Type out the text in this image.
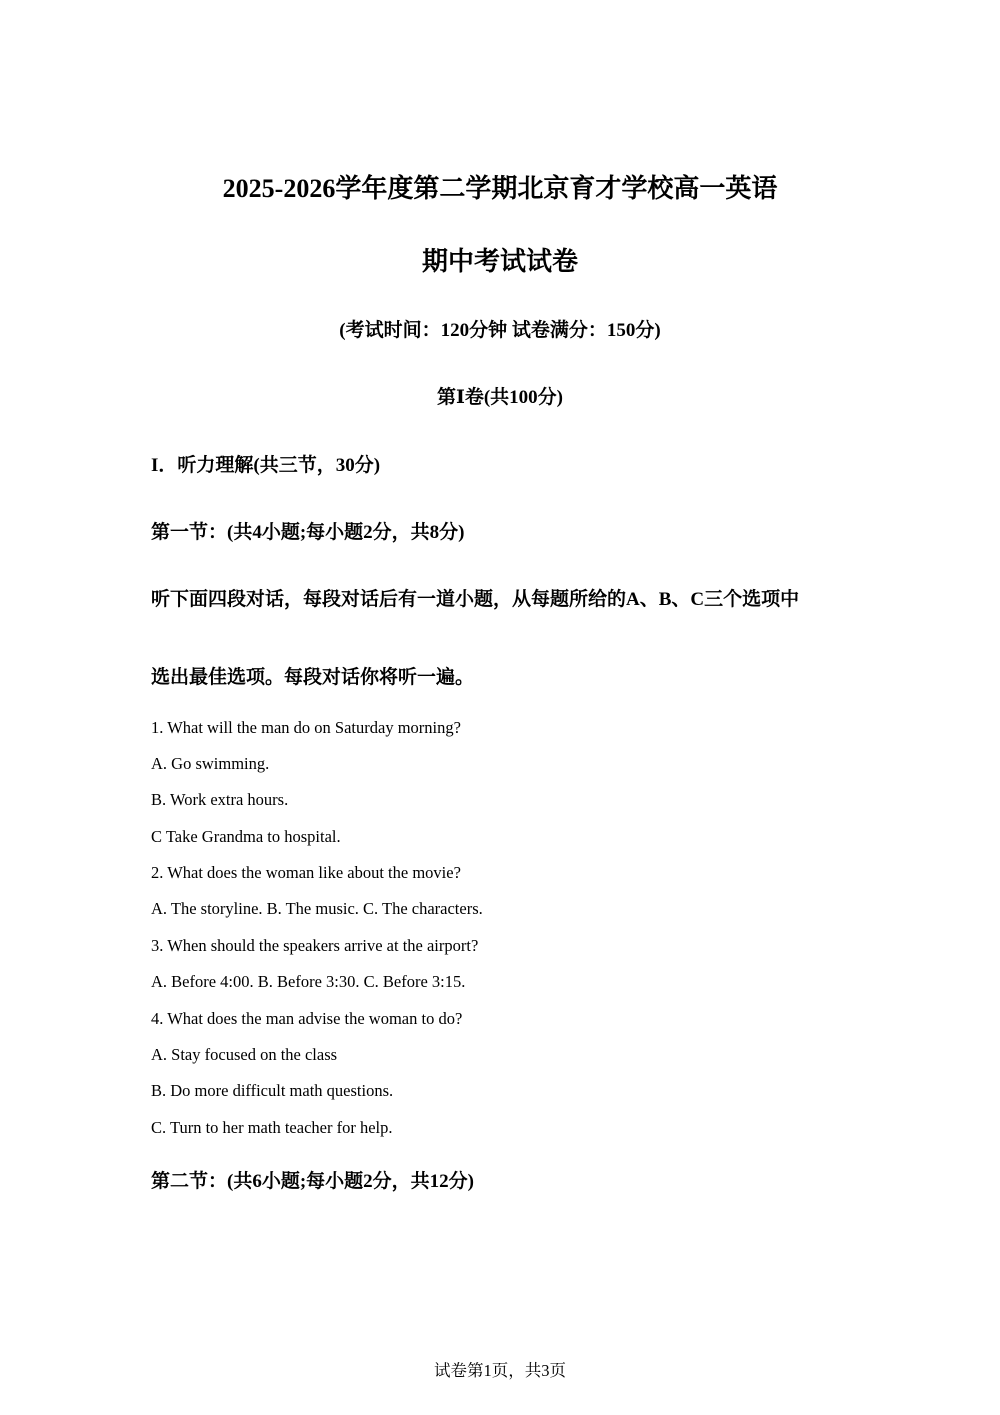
2025-2026学年度第二学期北京育才学校高一英语
期中考试试卷
(考试时间：120分钟 试卷满分：150分)
第Ⅰ卷(共100分)
I．听力理解(共三节，30分)
第一节：(共4小题;每小题2分，共8分)
听下面四段对话，每段对话后有一道小题，从每题所给的A、B、C三个选项中
选出最佳选项。每段对话你将听一遍。
1. What will the man do on Saturday morning?
A. Go swimming.
B. Work extra hours.
C Take Grandma to hospital.
2. What does the woman like about the movie?
A. The storyline. B. The music. C. The characters.
3. When should the speakers arrive at the airport?
A. Before 4:00. B. Before 3:30. C. Before 3:15.
4. What does the man advise the woman to do?
A. Stay focused on the class
B. Do more difficult math questions.
C. Turn to her math teacher for help.
第二节：(共6小题;每小题2分，共12分)
试卷第1页，共3页
